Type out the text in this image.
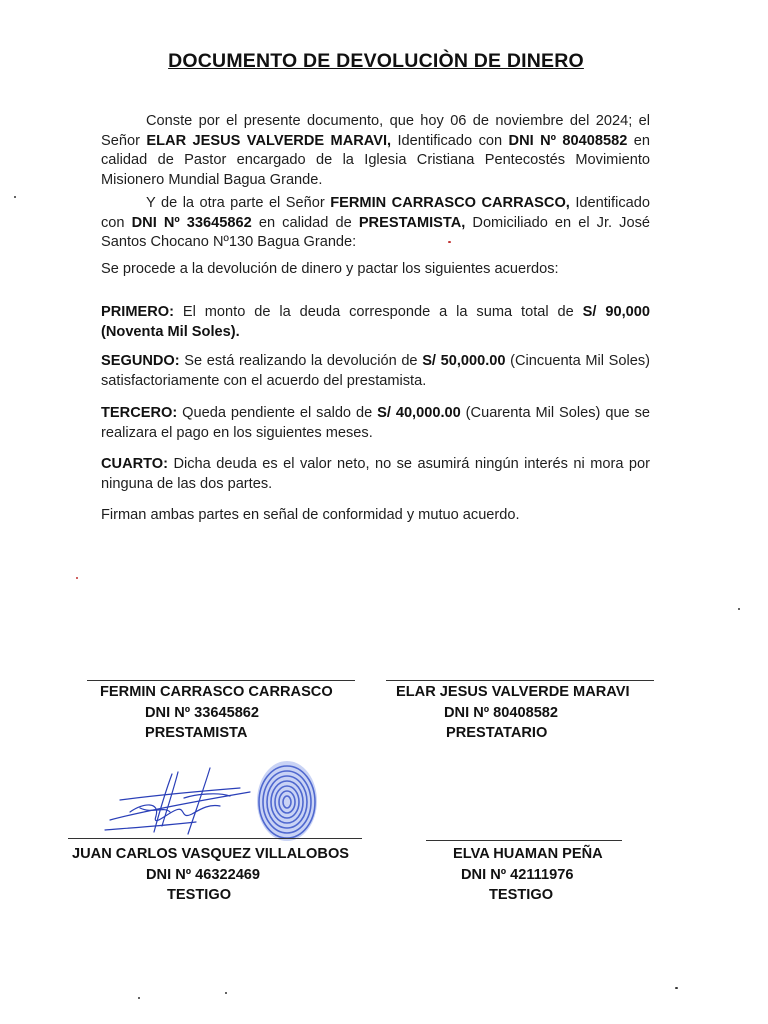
DOCUMENTO DE DEVOLUCIÒN DE DINERO
Conste por el presente documento, que hoy 06 de noviembre del 2024; el Señor ELAR JESUS VALVERDE MARAVI, Identificado con DNI Nº 80408582 en calidad de Pastor encargado de la Iglesia Cristiana Pentecostés Movimiento Misionero Mundial Bagua Grande.
Y de la otra parte el Señor FERMIN CARRASCO CARRASCO, Identificado con DNI Nº 33645862 en calidad de PRESTAMISTA, Domiciliado en el Jr. José Santos Chocano Nº130 Bagua Grande:
Se procede a la devolución de dinero y pactar los siguientes acuerdos:
PRIMERO: El monto de la deuda corresponde a la suma total de S/ 90,000 (Noventa Mil Soles).
SEGUNDO: Se está realizando la devolución de S/ 50,000.00 (Cincuenta Mil Soles) satisfactoriamente con el acuerdo del prestamista.
TERCERO: Queda pendiente el saldo de S/ 40,000.00 (Cuarenta Mil Soles) que se realizara el pago en los siguientes meses.
CUARTO: Dicha deuda es el valor neto, no se asumirá ningún interés ni mora por ninguna de las dos partes.
Firman ambas partes en señal de conformidad y mutuo acuerdo.
FERMIN CARRASCO CARRASCO
DNI Nº 33645862
PRESTAMISTA
ELAR JESUS VALVERDE MARAVI
DNI Nº 80408582
PRESTATARIO
JUAN CARLOS VASQUEZ VILLALOBOS
DNI Nº 46322469
TESTIGO
ELVA HUAMAN PEÑA
DNI Nº 42111976
TESTIGO
